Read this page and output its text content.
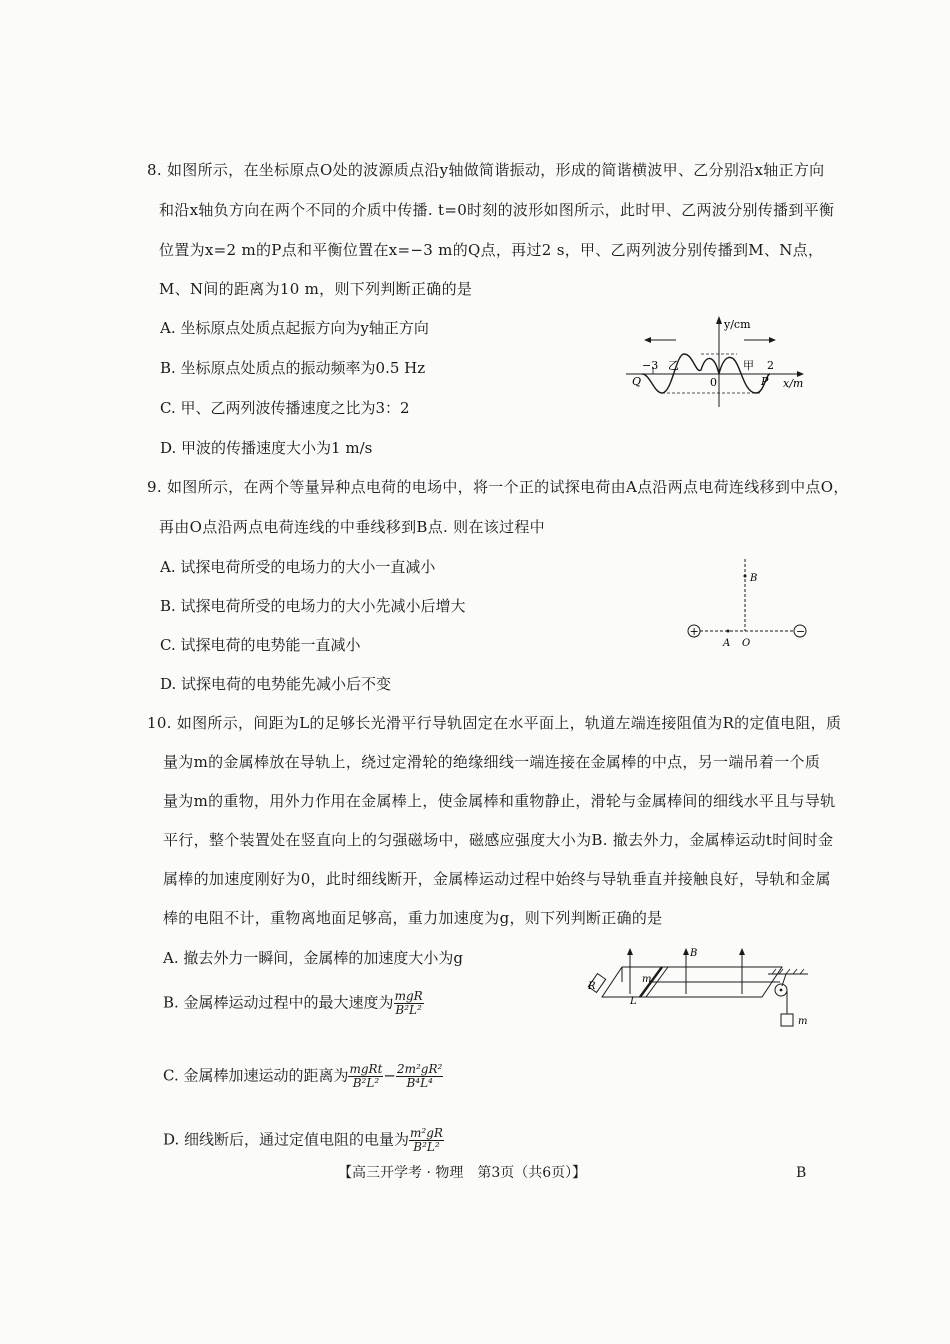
8. 如图所示，在坐标原点O处的波源质点沿y轴做简谐振动，形成的简谐横波甲、乙分别沿x轴正方向
和沿x轴负方向在两个不同的介质中传播. t=0时刻的波形如图所示，此时甲、乙两波分别传播到平衡
位置为x=2 m的P点和平衡位置在x=−3 m的Q点，再过2 s，甲、乙两列波分别传播到M、N点，
M、N间的距离为10 m，则下列判断正确的是
A. 坐标原点处质点起振方向为y轴正方向
B. 坐标原点处质点的振动频率为0.5 Hz
C. 甲、乙两列波传播速度之比为3：2
D. 甲波的传播速度大小为1 m/s
y/cm
x/m
0
−3	2
乙	甲
Q	P
9. 如图所示，在两个等量异种点电荷的电场中，将一个正的试探电荷由A点沿两点电荷连线移到中点O，
再由O点沿两点电荷连线的中垂线移到B点. 则在该过程中
A. 试探电荷所受的电场力的大小一直减小
B. 试探电荷所受的电场力的大小先减小后增大
C. 试探电荷的电势能一直减小
D. 试探电荷的电势能先减小后不变
+	−
B
A O
10. 如图所示，间距为L的足够长光滑平行导轨固定在水平面上，轨道左端连接阻值为R的定值电阻，质
量为m的金属棒放在导轨上，绕过定滑轮的绝缘细线一端连接在金属棒的中点，另一端吊着一个质
量为m的重物，用外力作用在金属棒上，使金属棒和重物静止，滑轮与金属棒间的细线水平且与导轨
平行，整个装置处在竖直向上的匀强磁场中，磁感应强度大小为B. 撤去外力，金属棒运动t时间时金
属棒的加速度刚好为0，此时细线断开，金属棒运动过程中始终与导轨垂直并接触良好，导轨和金属
棒的电阻不计，重物离地面足够高，重力加速度为g，则下列判断正确的是
A. 撤去外力一瞬间，金属棒的加速度大小为g
B. 金属棒运动过程中的最大速度为 $\frac{\text{mgR}}{\text{B²L²}}$
C. 金属棒加速运动的距离为 $\frac{\text{mgRt}}{\text{B²L²}} - \frac{\text{2m²gR²}}{\text{B⁴L⁴}}$
D. 细线断后，通过定值电阻的电量为 $\frac{\text{m²gR}}{\text{B²L²}}$
R
L
m
B
m
【高三开学考 · 物理　第3页（共6页）】	B
